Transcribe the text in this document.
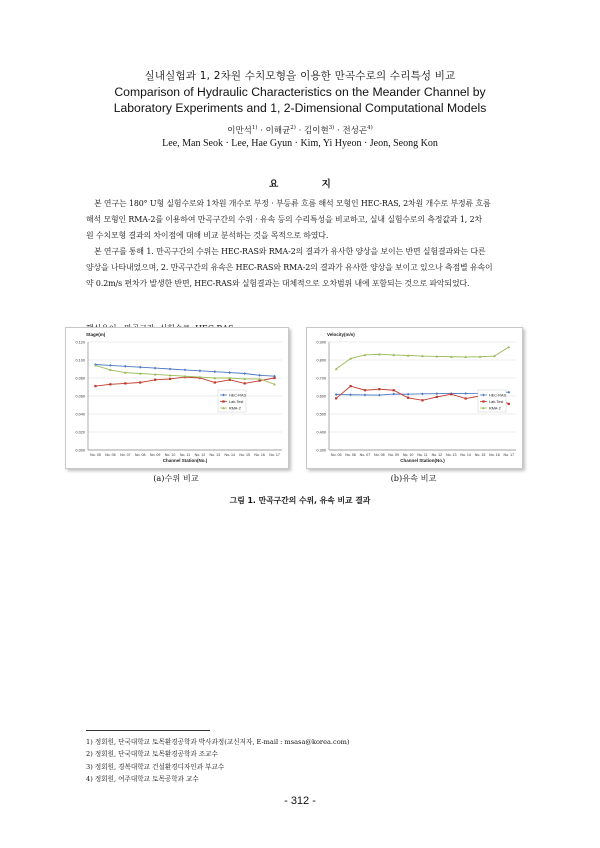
실내실험과 1, 2차원 수치모형을 이용한 만곡수로의 수리특성 비교
Comparison of Hydraulic Characteristics on the Meander Channel by
Laboratory Experiments and 1, 2-Dimensional Computational Models
이만석$^{1)}$ · 이해균$^{2)}$ · 김이현$^{3)}$ · 전성곤$^{4)}$
Lee, Man Seok · Lee, Hae Gyun · Kim, Yi Hyeon · Jeon, Seong Kon
요 지
본 연구는 180° U형 실험수로와 1차원 개수로 부정 · 부등류 흐름 해석 모형인 HEC-RAS, 2차원 개수로 부정류 흐름
해석 모형인 RMA-2를 이용하여 만곡구간의 수위 · 유속 등의 수리특성을 비교하고, 실내 실험수로의 측정값과 1, 2차
원 수치모형 결과의 차이점에 대해 비교 분석하는 것을 목적으로 하였다.
본 연구를 통해 1. 만곡구간의 수위는 HEC-RAS와 RMA-2의 결과가 유사한 양상을 보이는 반면 실험결과와는 다른
양상을 나타내었으며, 2. 만곡구간의 유속은 HEC-RAS와 RMA-2의 결과가 유사한 양상을 보이고 있으나 측점별 유속이
약 0.2m/s 편차가 발생한 반면, HEC-RAS와 실험결과는 대체적으로 오차범위 내에 포함되는 것으로 파악되었다.
Stage(m)
0.000
0.020
0.040
0.060
0.080
0.100
0.120
No. 05 No. 06 No. 07 No. 08 No. 09 No. 10 No. 11 No. 12 No. 13 No. 14 No. 15 No. 16 No. 17
Channel Station(No.)
HEC-RAS
Lab.Test
RMA-2
Velocity(m/s)
0.300
0.400
0.500
0.600
0.700
0.800
0.900
No. 05 No. 06 No. 07 No. 08 No. 09 No. 10 No. 11 No. 12 No. 13 No. 14 No. 15 No. 16 No. 17
Channel Station(No.)
HEC-RAS
Lab.Test
RMA-2
(a)수위 비교	(b)유속 비교
그림 1. 만곡구간의 수위, 유속 비교 결과
1) 정회원, 단국대학교 토목환경공학과 박사과정(교신저자, E-mail : msasa@korea.com)
2) 정회원, 단국대학교 토목환경공학과 조교수
3) 정회원, 경복대학교 건설환경디자인과 부교수
4) 정회원, 여주대학교 토목공학과 교수
- 312 -
